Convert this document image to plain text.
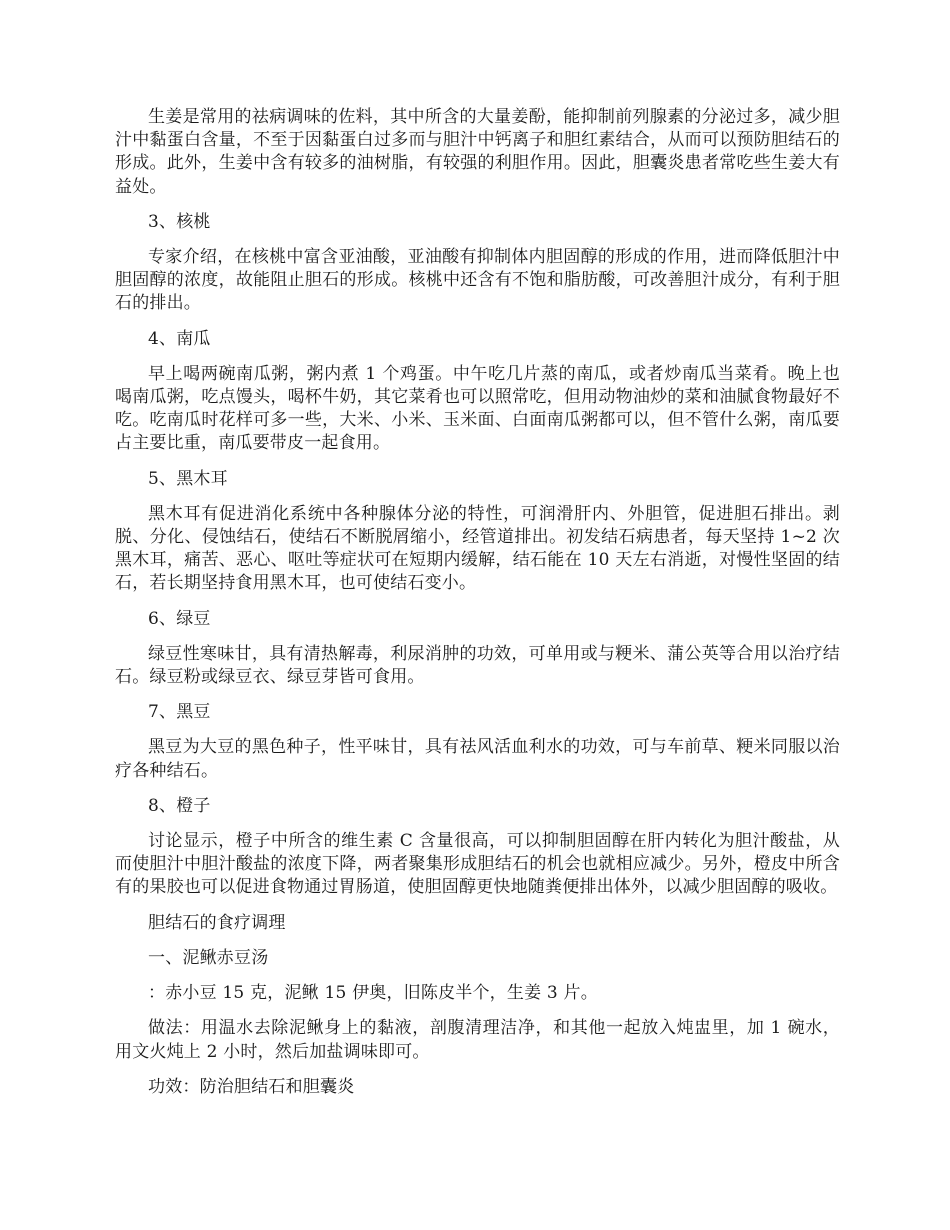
生姜是常用的祛病调味的佐料，其中所含的大量姜酚，能抑制前列腺素的分泌过多，减少胆汁中黏蛋白含量，不至于因黏蛋白过多而与胆汁中钙离子和胆红素结合，从而可以预防胆结石的形成。此外，生姜中含有较多的油树脂，有较强的利胆作用。因此，胆囊炎患者常吃些生姜大有益处。

3、核桃

专家介绍，在核桃中富含亚油酸，亚油酸有抑制体内胆固醇的形成的作用，进而降低胆汁中胆固醇的浓度，故能阻止胆石的形成。核桃中还含有不饱和脂肪酸，可改善胆汁成分，有利于胆石的排出。

4、南瓜

早上喝两碗南瓜粥，粥内煮 1 个鸡蛋。中午吃几片蒸的南瓜，或者炒南瓜当菜肴。晚上也喝南瓜粥，吃点馒头，喝杯牛奶，其它菜肴也可以照常吃，但用动物油炒的菜和油腻食物最好不吃。吃南瓜时花样可多一些，大米、小米、玉米面、白面南瓜粥都可以，但不管什么粥，南瓜要占主要比重，南瓜要带皮一起食用。

5、黑木耳

黑木耳有促进消化系统中各种腺体分泌的特性，可润滑肝内、外胆管，促进胆石排出。剥脱、分化、侵蚀结石，使结石不断脱屑缩小，经管道排出。初发结石病患者，每天坚持 1~2 次黑木耳，痛苦、恶心、呕吐等症状可在短期内缓解，结石能在 10 天左右消逝，对慢性坚固的结石，若长期坚持食用黑木耳，也可使结石变小。

6、绿豆

绿豆性寒味甘，具有清热解毒，利尿消肿的功效，可单用或与粳米、蒲公英等合用以治疗结石。绿豆粉或绿豆衣、绿豆芽皆可食用。

7、黑豆

黑豆为大豆的黑色种子，性平味甘，具有祛风活血利水的功效，可与车前草、粳米同服以治疗各种结石。

8、橙子

讨论显示，橙子中所含的维生素 C 含量很高，可以抑制胆固醇在肝内转化为胆汁酸盐，从而使胆汁中胆汁酸盐的浓度下降，两者聚集形成胆结石的机会也就相应减少。另外，橙皮中所含有的果胶也可以促进食物通过胃肠道，使胆固醇更快地随粪便排出体外，以减少胆固醇的吸收。

胆结石的食疗调理

一、泥鳅赤豆汤

：赤小豆 15 克，泥鳅 15 伊奥，旧陈皮半个，生姜 3 片。

做法：用温水去除泥鳅身上的黏液，剖腹清理洁净，和其他一起放入炖盅里，加 1 碗水，用文火炖上 2 小时，然后加盐调味即可。

功效：防治胆结石和胆囊炎
